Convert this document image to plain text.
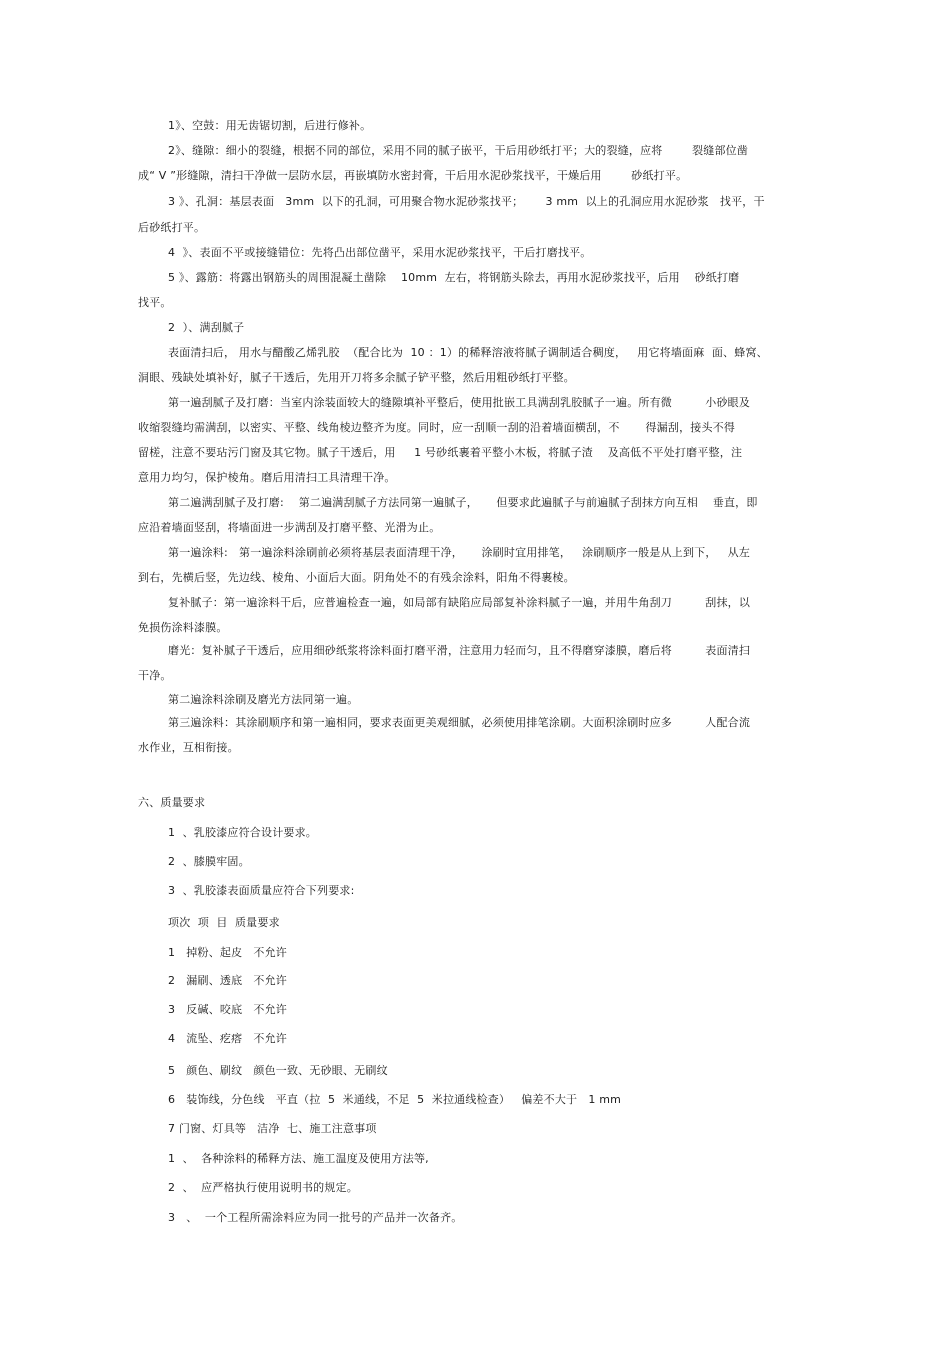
1》、空鼓：用无齿锯切割，后进行修补。
2》、缝隙：细小的裂缝，根据不同的部位，采用不同的腻子嵌平，干后用砂纸打平；大的裂缝，应将        裂缝部位凿
成“ V ”形缝隙，清扫干净做一层防水层，再嵌填防水密封膏，干后用水泥砂浆找平，干燥后用        砂纸打平。
3 》、孔洞：基层表面   3mm  以下的孔洞，可用聚合物水泥砂浆找平；      3 mm  以上的孔洞应用水泥砂浆   找平，干
后砂纸打平。
4  》、表面不平或接缝错位：先将凸出部位凿平，采用水泥砂浆找平，干后打磨找平。
5 》、露筋：将露出钢筋头的周围混凝土凿除    10mm  左右，将钢筋头除去，再用水泥砂浆找平，后用    砂纸打磨
找平。
2  ）、满刮腻子
表面清扫后， 用水与醋酸乙烯乳胶  （配合比为  10 ：1）的稀释溶液将腻子调制适合稠度，   用它将墙面麻  面、蜂窝、
洞眼、残缺处填补好，腻子干透后，先用开刀将多余腻子铲平整，然后用粗砂纸打平整。
第一遍刮腻子及打磨：当室内涂装面较大的缝隙填补平整后，使用批嵌工具满刮乳胶腻子一遍。所有微         小砂眼及
收缩裂缝均需满刮，以密实、平整、线角棱边整齐为度。同时，应一刮顺一刮的沿着墙面横刮，不       得漏刮，接头不得
留槎，注意不要玷污门窗及其它物。腻子干透后，用     1 号砂纸裹着平整小木板，将腻子渣    及高低不平处打磨平整，注
意用力均匀，保护棱角。磨后用清扫工具清理干净。
第二遍满刮腻子及打磨:    第二遍满刮腻子方法同第一遍腻子，     但要求此遍腻子与前遍腻子刮抹方向互相    垂直，即
应沿着墙面竖刮，将墙面进一步满刮及打磨平整、光滑为止。
第一遍涂料:   第一遍涂料涂刷前必须将基层表面清理干净，     涂刷时宜用排笔，   涂刷顺序一般是从上到下，   从左
到右，先横后竖，先边线、棱角、小面后大面。阴角处不的有残余涂料，阳角不得裹棱。
复补腻子：第一遍涂料干后，应普遍检查一遍，如局部有缺陷应局部复补涂料腻子一遍，并用牛角刮刀         刮抹，以
免损伤涂料漆膜。
磨光：复补腻子干透后，应用细砂纸浆将涂料面打磨平滑，注意用力轻而匀，且不得磨穿漆膜，磨后将         表面清扫
干净。
第二遍涂料涂刷及磨光方法同第一遍。
第三遍涂料：其涂刷顺序和第一遍相同，要求表面更美观细腻，必须使用排笔涂刷。大面积涂刷时应多         人配合流
水作业，互相衔接。
六、质量要求
1  、乳胶漆应符合设计要求。
2  、膝膜牢固。
3  、乳胶漆表面质量应符合下列要求:
项次  项  目  质量要求
1   掉粉、起皮   不允许
2   漏刷、透底   不允许
3   反碱、咬底   不允许
4   流坠、疙瘩   不允许
5   颜色、刷纹   颜色一致、无砂眼、无刷纹
6   装饰线，分色线   平直（拉  5  米通线，不足  5  米拉通线检查）   偏差不大于   1 mm
7 门窗、灯具等   洁净  七、施工注意事项
1  、  各种涂料的稀释方法、施工温度及使用方法等,
2  、  应严格执行使用说明书的规定。
3   、  一个工程所需涂料应为同一批号的产品并一次备齐。
